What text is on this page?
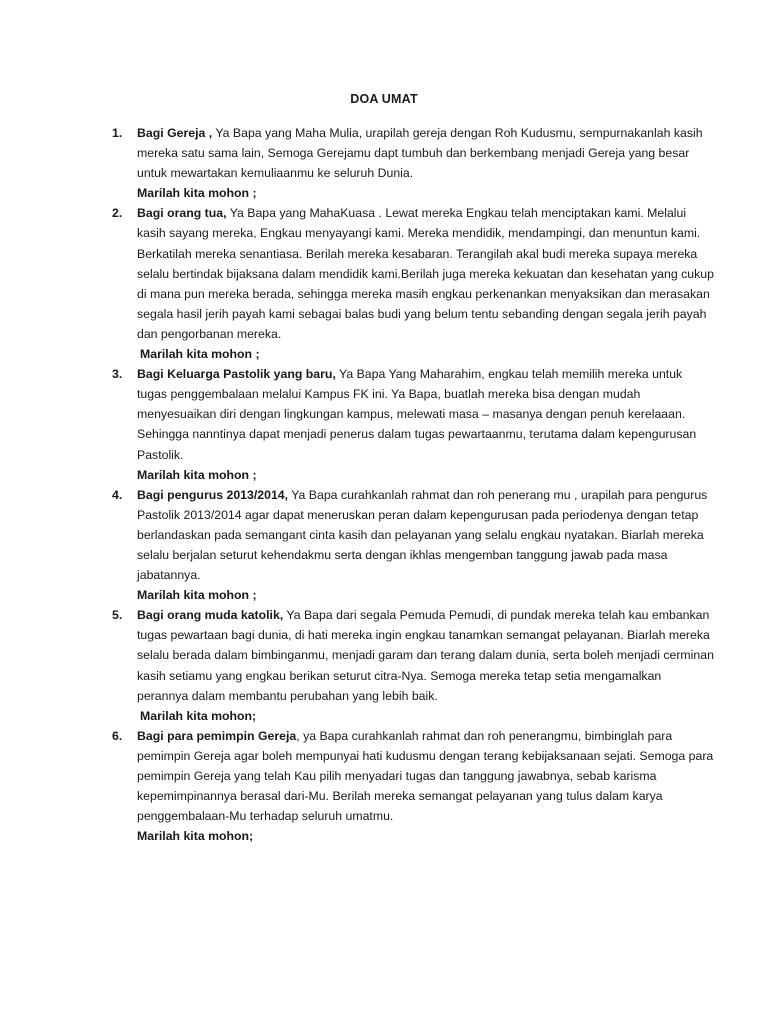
DOA UMAT
1. Bagi Gereja , Ya Bapa yang Maha Mulia, urapilah gereja dengan Roh Kudusmu, sempurnakanlah kasih mereka satu sama lain, Semoga Gerejamu dapt tumbuh dan berkembang menjadi Gereja yang besar untuk mewartakan kemuliaanmu ke seluruh Dunia.
Marilah kita mohon ;
2. Bagi orang tua, Ya Bapa yang MahaKuasa . Lewat mereka Engkau telah menciptakan kami. Melalui kasih sayang mereka, Engkau menyayangi kami. Mereka mendidik, mendampingi, dan menuntun kami. Berkatilah mereka senantiasa. Berilah mereka kesabaran. Terangilah akal budi mereka supaya mereka selalu bertindak bijaksana dalam mendidik kami.Berilah juga mereka kekuatan dan kesehatan yang cukup di mana pun mereka berada, sehingga mereka masih engkau perkenankan menyaksikan dan merasakan segala hasil jerih payah kami sebagai balas budi yang belum tentu sebanding dengan segala jerih payah dan pengorbanan mereka.
Marilah kita mohon ;
3. Bagi Keluarga Pastolik yang baru, Ya Bapa Yang Maharahim, engkau telah memilih mereka untuk tugas penggembalaan melalui Kampus FK ini. Ya Bapa, buatlah mereka bisa dengan mudah menyesuaikan diri dengan lingkungan kampus, melewati masa – masanya dengan penuh kerelaaan. Sehingga nanntinya dapat menjadi penerus dalam tugas pewartaanmu, terutama dalam kepengurusan Pastolik.
Marilah kita mohon ;
4. Bagi pengurus 2013/2014, Ya Bapa curahkanlah rahmat dan roh penerang mu , urapilah para pengurus Pastolik 2013/2014 agar dapat meneruskan peran dalam kepengurusan pada periodenya dengan tetap berlandaskan pada semangant cinta kasih dan pelayanan yang selalu engkau nyatakan. Biarlah mereka selalu berjalan seturut kehendakmu serta dengan ikhlas mengemban tanggung jawab pada masa jabatannya.
Marilah kita mohon ;
5. Bagi orang muda katolik, Ya Bapa dari segala Pemuda Pemudi, di pundak mereka telah kau embankan tugas pewartaan bagi dunia, di hati mereka ingin engkau tanamkan semangat pelayanan. Biarlah mereka selalu berada dalam bimbinganmu, menjadi garam dan terang dalam dunia, serta boleh menjadi cerminan kasih setiamu yang engkau berikan seturut citra-Nya. Semoga mereka tetap setia mengamalkan perannya dalam membantu perubahan yang lebih baik.
Marilah kita mohon;
6. Bagi para pemimpin Gereja, ya Bapa curahkanlah rahmat dan roh penerangmu, bimbinglah para pemimpin Gereja agar boleh mempunyai hati kudusmu dengan terang kebijaksanaan sejati. Semoga para pemimpin Gereja yang telah Kau pilih menyadari tugas dan tanggung jawabnya, sebab karisma kepemimpinannya berasal dari-Mu. Berilah mereka semangat pelayanan yang tulus dalam karya penggembalaan-Mu terhadap seluruh umatmu.
Marilah kita mohon;
